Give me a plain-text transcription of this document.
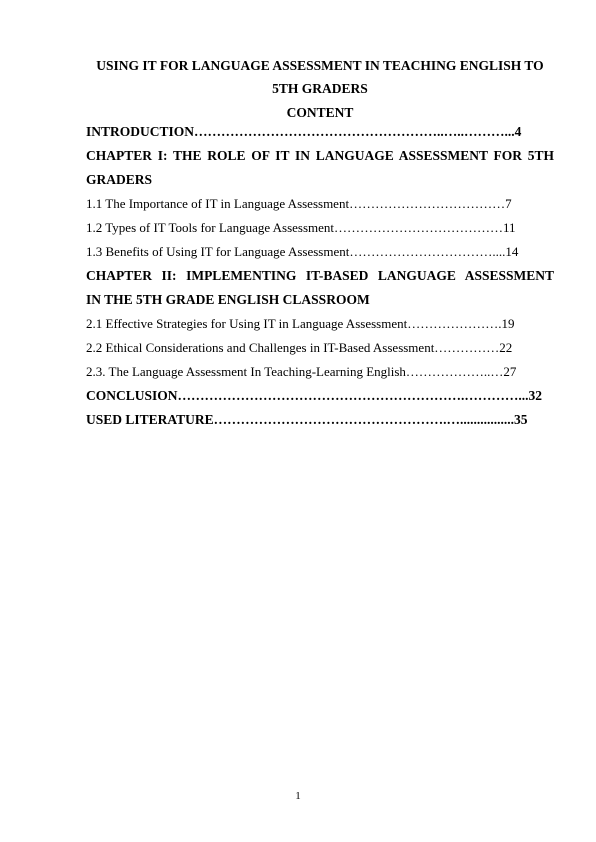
USING IT FOR LANGUAGE ASSESSMENT IN TEACHING ENGLISH TO
5TH GRADERS
CONTENT
INTRODUCTION………………………………………………..…..………...4
CHAPTER I: THE ROLE OF IT IN LANGUAGE ASSESSMENT FOR 5TH
GRADERS
1.1 The Importance of IT in Language Assessment………………………………7
1.2 Types of IT Tools for Language Assessment…………………………………11
1.3 Benefits of Using IT for Language Assessment……………………………....14
CHAPTER II: IMPLEMENTING IT-BASED LANGUAGE ASSESSMENT
IN THE 5TH GRADE ENGLISH CLASSROOM
2.1 Effective Strategies for Using IT in Language Assessment………………….19
2.2 Ethical Considerations and Challenges in IT-Based Assessment……………22
2.3. The Language Assessment In Teaching-Learning English………………..…27
CONCLUSION……………………………………………………….…………...32
USED LITERATURE…………………………………………….…................35
1
